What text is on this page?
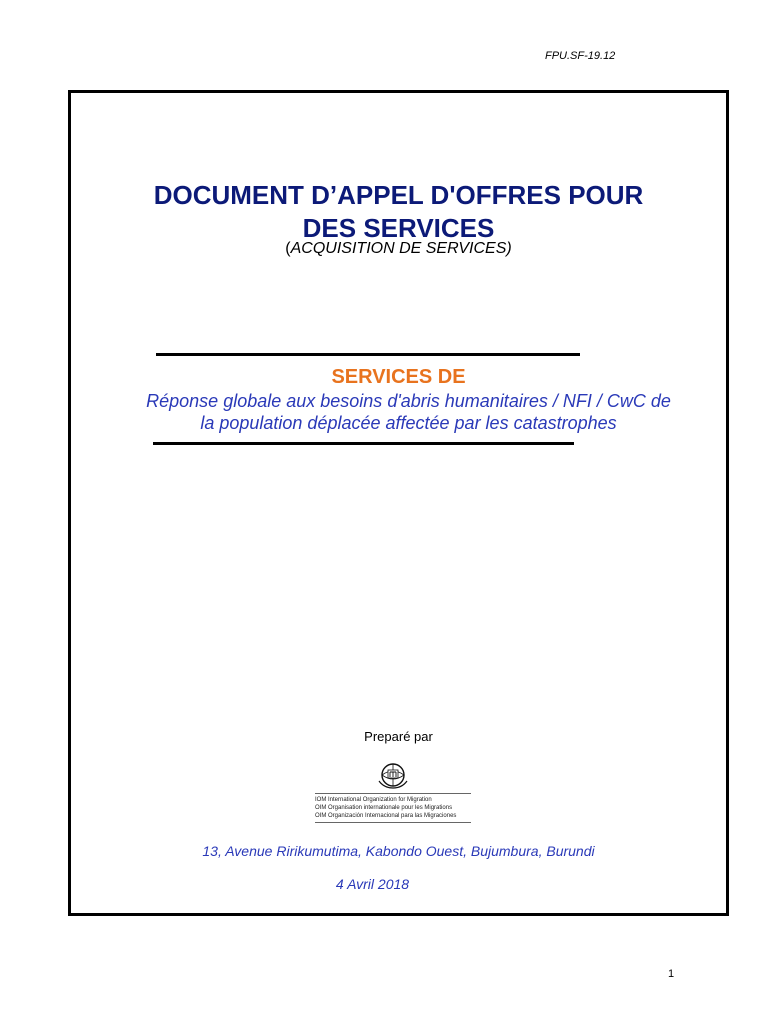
FPU.SF-19.12
DOCUMENT D’APPEL D'OFFRES POUR
DES SERVICES
(ACQUISITION DE SERVICES)
SERVICES DE
Réponse globale aux besoins d'abris humanitaires / NFI / CwC de
la population déplacée affectée par les catastrophes
Preparé par
IOM International Organization for Migration
OIM Organisation internationale pour les Migrations
OIM Organización Internacional para las Migraciones
13, Avenue Ririkumutima, Kabondo Ouest, Bujumbura, Burundi
4 Avril 2018
1
